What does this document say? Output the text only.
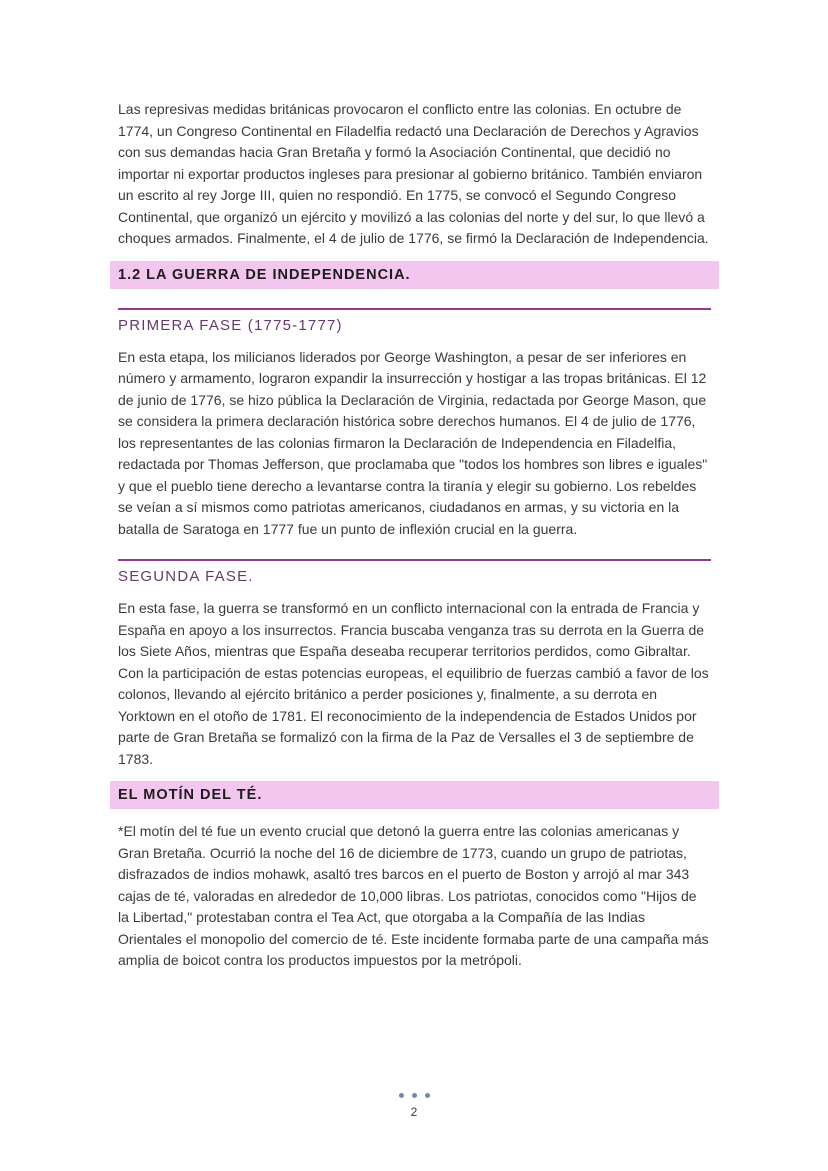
Las represivas medidas británicas provocaron el conflicto entre las colonias. En octubre de 1774, un Congreso Continental en Filadelfia redactó una Declaración de Derechos y Agravios con sus demandas hacia Gran Bretaña y formó la Asociación Continental, que decidió no importar ni exportar productos ingleses para presionar al gobierno británico. También enviaron un escrito al rey Jorge III, quien no respondió. En 1775, se convocó el Segundo Congreso Continental, que organizó un ejército y movilizó a las colonias del norte y del sur, lo que llevó a choques armados. Finalmente, el 4 de julio de 1776, se firmó la Declaración de Independencia.

1.2 LA GUERRA DE INDEPENDENCIA.
PRIMERA FASE (1775-1777)

En esta etapa, los milicianos liderados por George Washington, a pesar de ser inferiores en número y armamento, lograron expandir la insurrección y hostigar a las tropas británicas. El 12 de junio de 1776, se hizo pública la Declaración de Virginia, redactada por George Mason, que se considera la primera declaración histórica sobre derechos humanos. El 4 de julio de 1776, los representantes de las colonias firmaron la Declaración de Independencia en Filadelfia, redactada por Thomas Jefferson, que proclamaba que "todos los hombres son libres e iguales" y que el pueblo tiene derecho a levantarse contra la tiranía y elegir su gobierno. Los rebeldes se veían a sí mismos como patriotas americanos, ciudadanos en armas, y su victoria en la batalla de Saratoga en 1777 fue un punto de inflexión crucial en la guerra.

SEGUNDA FASE.

En esta fase, la guerra se transformó en un conflicto internacional con la entrada de Francia y España en apoyo a los insurrectos. Francia buscaba venganza tras su derrota en la Guerra de los Siete Años, mientras que España deseaba recuperar territorios perdidos, como Gibraltar. Con la participación de estas potencias europeas, el equilibrio de fuerzas cambió a favor de los colonos, llevando al ejército británico a perder posiciones y, finalmente, a su derrota en Yorktown en el otoño de 1781. El reconocimiento de la independencia de Estados Unidos por parte de Gran Bretaña se formalizó con la firma de la Paz de Versalles el 3 de septiembre de 1783.

EL MOTÍN DEL TÉ.

*El motín del té fue un evento crucial que detonó la guerra entre las colonias americanas y Gran Bretaña. Ocurrió la noche del 16 de diciembre de 1773, cuando un grupo de patriotas, disfrazados de indios mohawk, asaltó tres barcos en el puerto de Boston y arrojó al mar 343 cajas de té, valoradas en alrededor de 10,000 libras. Los patriotas, conocidos como "Hijos de la Libertad," protestaban contra el Tea Act, que otorgaba a la Compañía de las Indias Orientales el monopolio del comercio de té. Este incidente formaba parte de una campaña más amplia de boicot contra los productos impuestos por la metrópoli.

2
